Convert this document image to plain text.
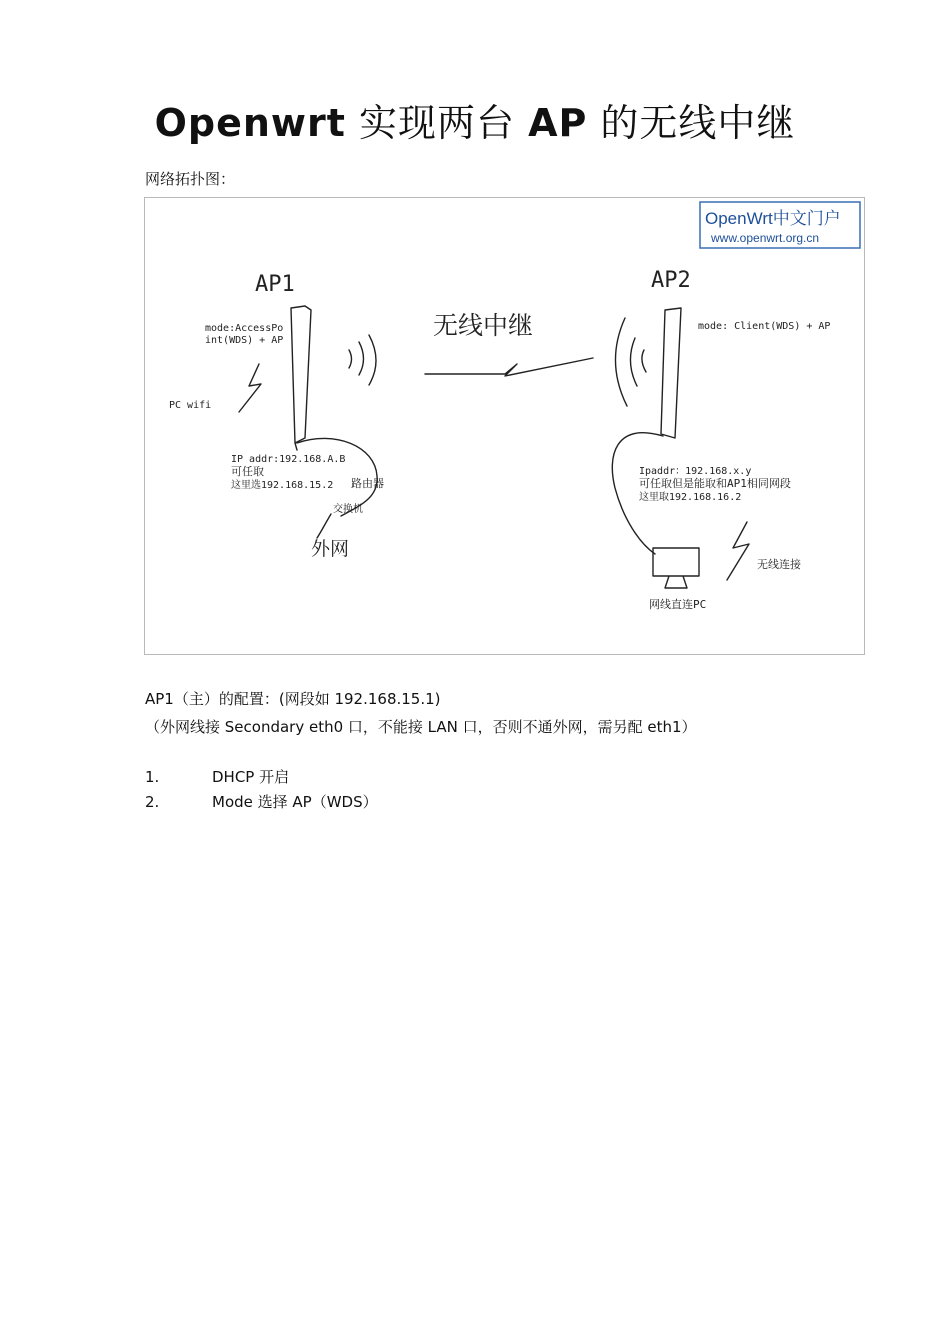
Openwrt 实现两台 AP 的无线中继
网络拓扑图：
OpenWrt中文门户
www.openwrt.org.cn
AP1
mode:AccessPo
int(WDS) + AP
PC wifi
IP addr:192.168.A.B
可任取
这里选192.168.15.2 路由器
交换机
外网
无线中继
AP2
mode: Client(WDS) + AP
Ipaddr：192.168.x.y
可任取但是能取和AP1相同网段
这里取192.168.16.2
无线连接
网线直连PC
AP1（主）的配置：(网段如 192.168.15.1)
（外网线接 Secondary eth0 口，不能接 LAN 口，否则不通外网，需另配 eth1）
1.	DHCP 开启
2.	Mode 选择 AP（WDS）
